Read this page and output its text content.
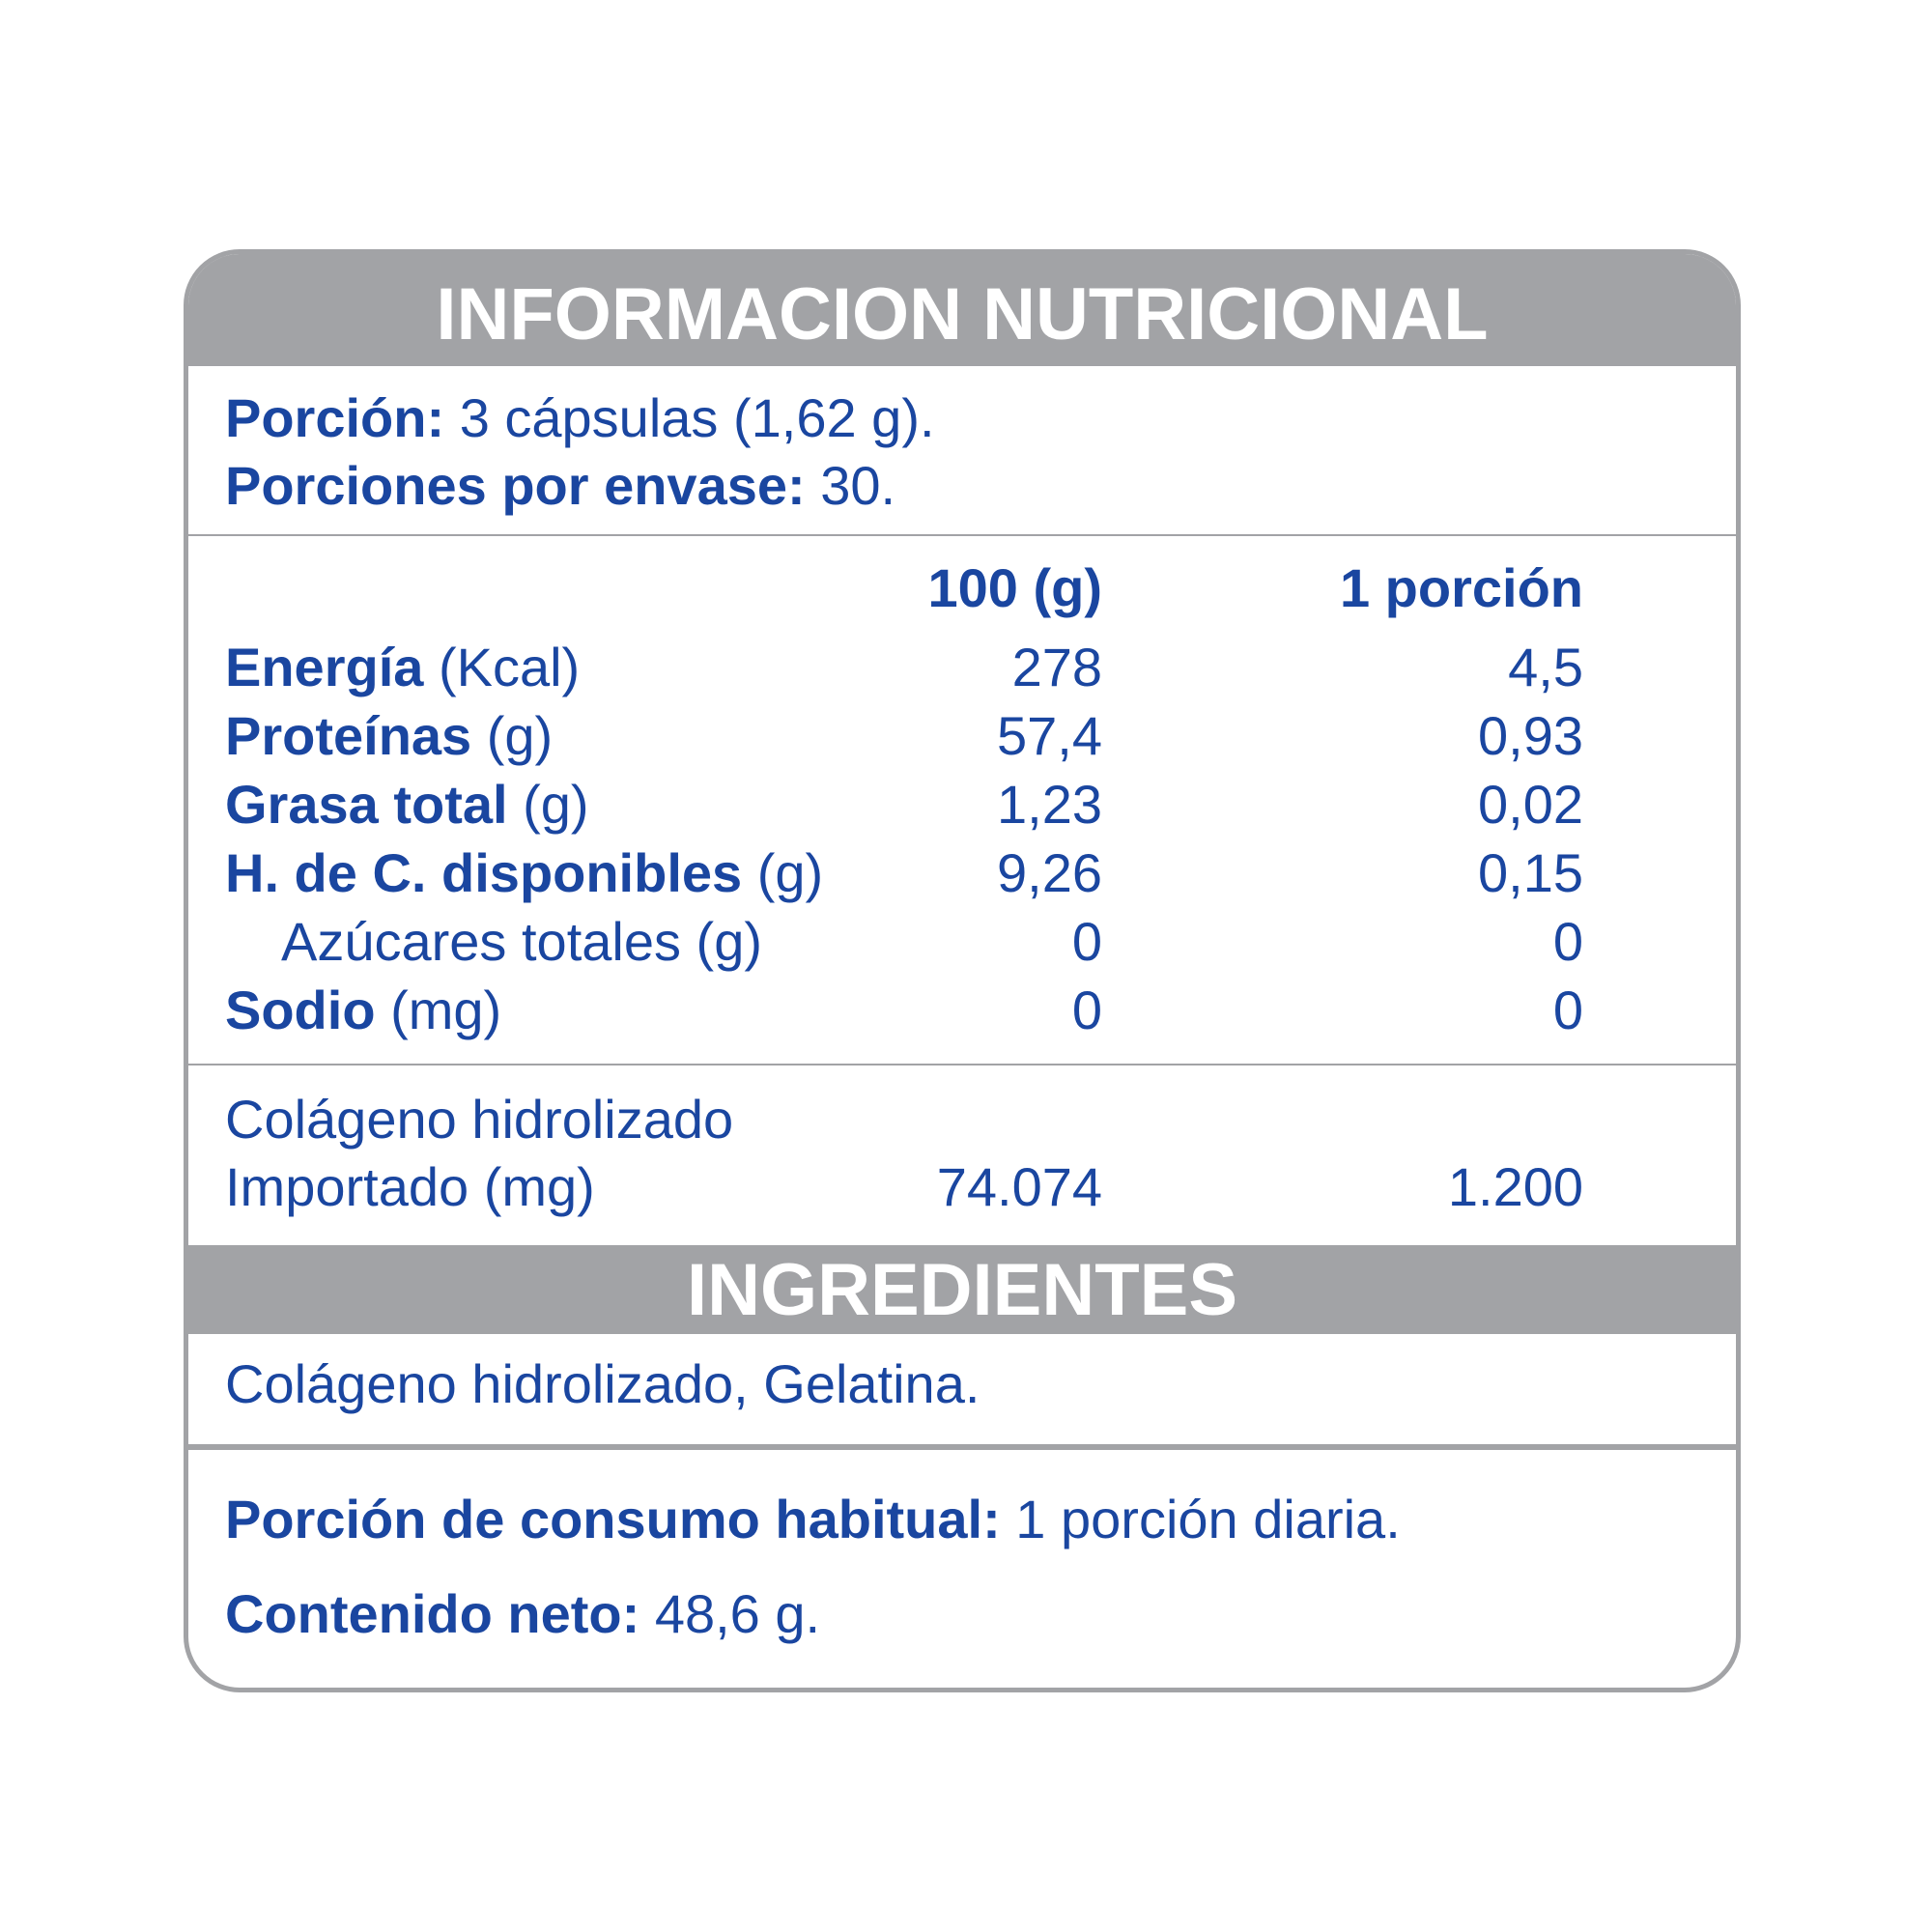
INFORMACION NUTRICIONAL
Porción: 3 cápsulas (1,62 g).
Porciones por envase: 30.
100 (g)	1 porción
Energía (Kcal)	278	4,5
Proteínas (g)	57,4	0,93
Grasa total (g)	1,23	0,02
H. de C. disponibles (g)	9,26	0,15
Azúcares totales (g)	0	0
Sodio (mg)	0	0
Colágeno hidrolizado
Importado (mg)	74.074	1.200
INGREDIENTES
Colágeno hidrolizado, Gelatina.
Porción de consumo habitual: 1 porción diaria.
Contenido neto: 48,6 g.
